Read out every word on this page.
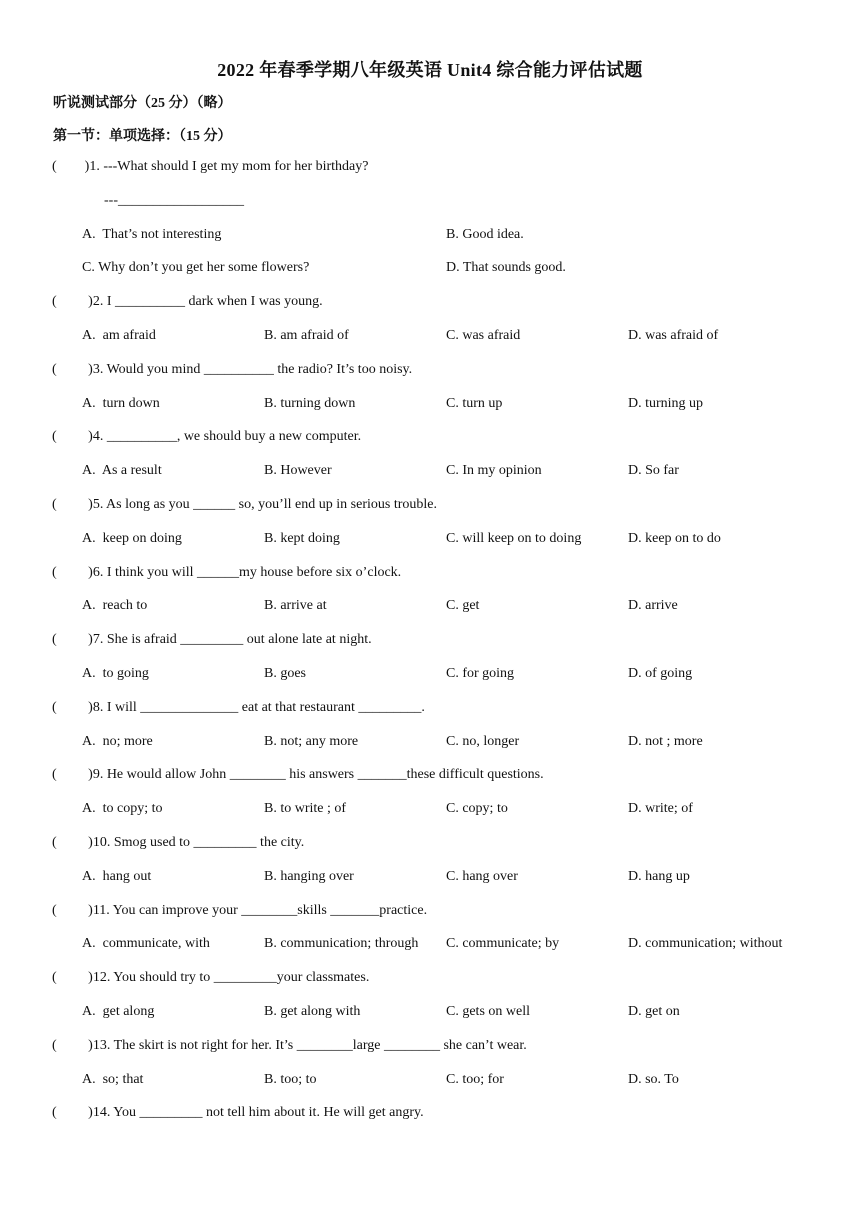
2022 年春季学期八年级英语 Unit4 综合能力评估试题
听说测试部分（25 分）（略）
第一节：单项选择：（15 分）
(        )1. ---What should I get my mom for her birthday?
---__________________
A.  That’s not interesting	B. Good idea.
C. Why don’t you get her some flowers?	D. That sounds good.
(         )2. I __________ dark when I was young.
A.  am afraid	B. am afraid of	C. was afraid	D. was afraid of
(         )3. Would you mind __________ the radio? It’s too noisy.
A.  turn down	B. turning down	C. turn up	D. turning up
(         )4. __________, we should buy a new computer.
A.  As a result	B. However	C. In my opinion	D. So far
(         )5. As long as you ______ so, you’ll end up in serious trouble.
A.  keep on doing	B. kept doing	C. will keep on to doing	D. keep on to do
(         )6. I think you will ______my house before six o’clock.
A.  reach to	B. arrive at	C. get	D. arrive
(         )7. She is afraid _________ out alone late at night.
A.  to going	B. goes	C. for going	D. of going
(         )8. I will ______________ eat at that restaurant _________.
A.  no; more	B. not; any more	C. no, longer	D. not ; more
(         )9. He would allow John ________ his answers _______these difficult questions.
A.  to copy; to	B. to write ; of	C. copy; to	D. write; of
(         )10. Smog used to _________ the city.
A.  hang out	B. hanging over	C. hang over	D. hang up
(         )11. You can improve your ________skills _______practice.
A.  communicate, with	B. communication; through C. communicate; by	D. communication; without
(         )12. You should try to _________your classmates.
A.  get along	B. get along with	C. gets on well	D. get on
(         )13. The skirt is not right for her. It’s ________large ________ she can’t wear.
A.  so; that	B. too; to	C. too; for	D. so. To
(         )14. You _________ not tell him about it. He will get angry.
